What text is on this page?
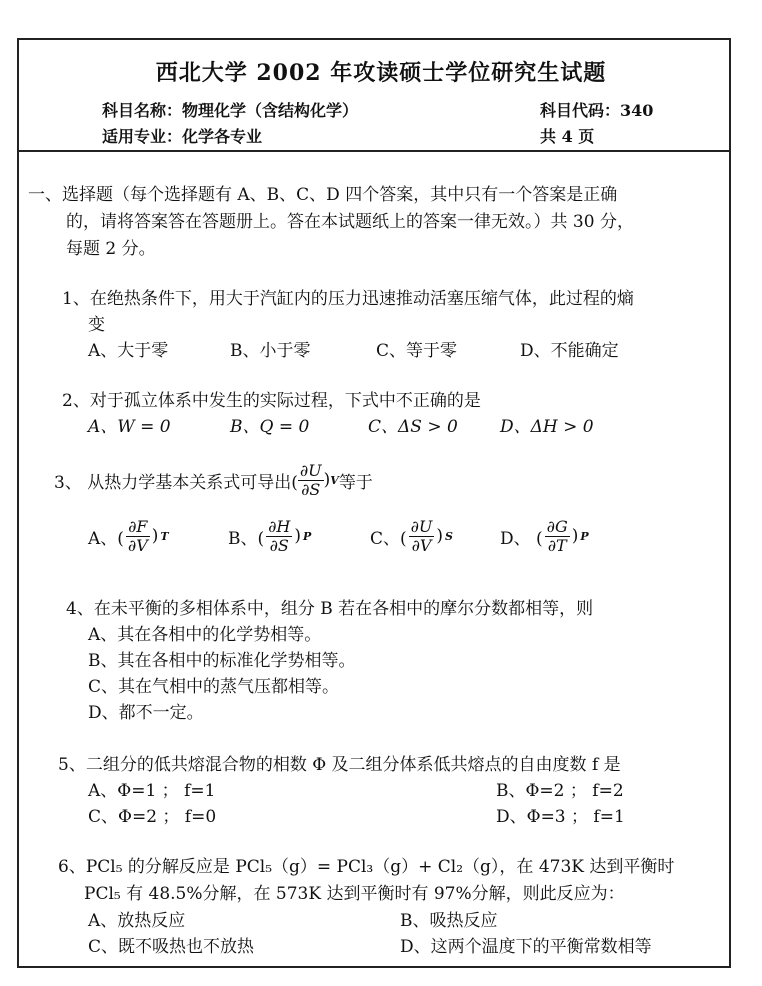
西北大学 2002 年攻读硕士学位研究生试题
科目名称：物理化学（含结构化学）	科目代码：340
适用专业：化学各专业	共 4 页
一、选择题（每个选择题有 A、B、C、D 四个答案，其中只有一个答案是正确
的，请将答案答在答题册上。答在本试题纸上的答案一律无效。）共 30 分，
每题 2 分。
1、在绝热条件下，用大于汽缸内的压力迅速推动活塞压缩气体，此过程的熵
变
A、大于零	B、小于零	C、等于零	D、不能确定
2、对于孤立体系中发生的实际过程，下式中不正确的是
A、W = 0	B、Q = 0	C、ΔS > 0 D、ΔH > 0
3、 从热力学基本关系式可导出( $\frac{\partial U}{\partial S}$ ) V 等于
A、( $\frac{\partial F}{\partial V}$ ) T	B、( $\frac{\partial H}{\partial S}$ ) P	C、( $\frac{\partial U}{\partial V}$ ) S	D、 ( $\frac{\partial G}{\partial T}$ ) P
4、在未平衡的多相体系中，组分 B 若在各相中的摩尔分数都相等，则
A、其在各相中的化学势相等。
B、其在各相中的标准化学势相等。
C、其在气相中的蒸气压都相等。
D、都不一定。
5、二组分的低共熔混合物的相数 Φ 及二组分体系低共熔点的自由度数 f 是
A、Φ=1 ； f=1	B、Φ=2 ； f=2
C、Φ=2 ； f=0	D、Φ=3 ； f=1
6、PCl₅ 的分解反应是 PCl₅（g）= PCl₃（g）+ Cl₂（g），在 473K 达到平衡时
PCl₅ 有 48.5%分解，在 573K 达到平衡时有 97%分解，则此反应为：
A、放热反应	B、吸热反应
C、既不吸热也不放热	D、这两个温度下的平衡常数相等
